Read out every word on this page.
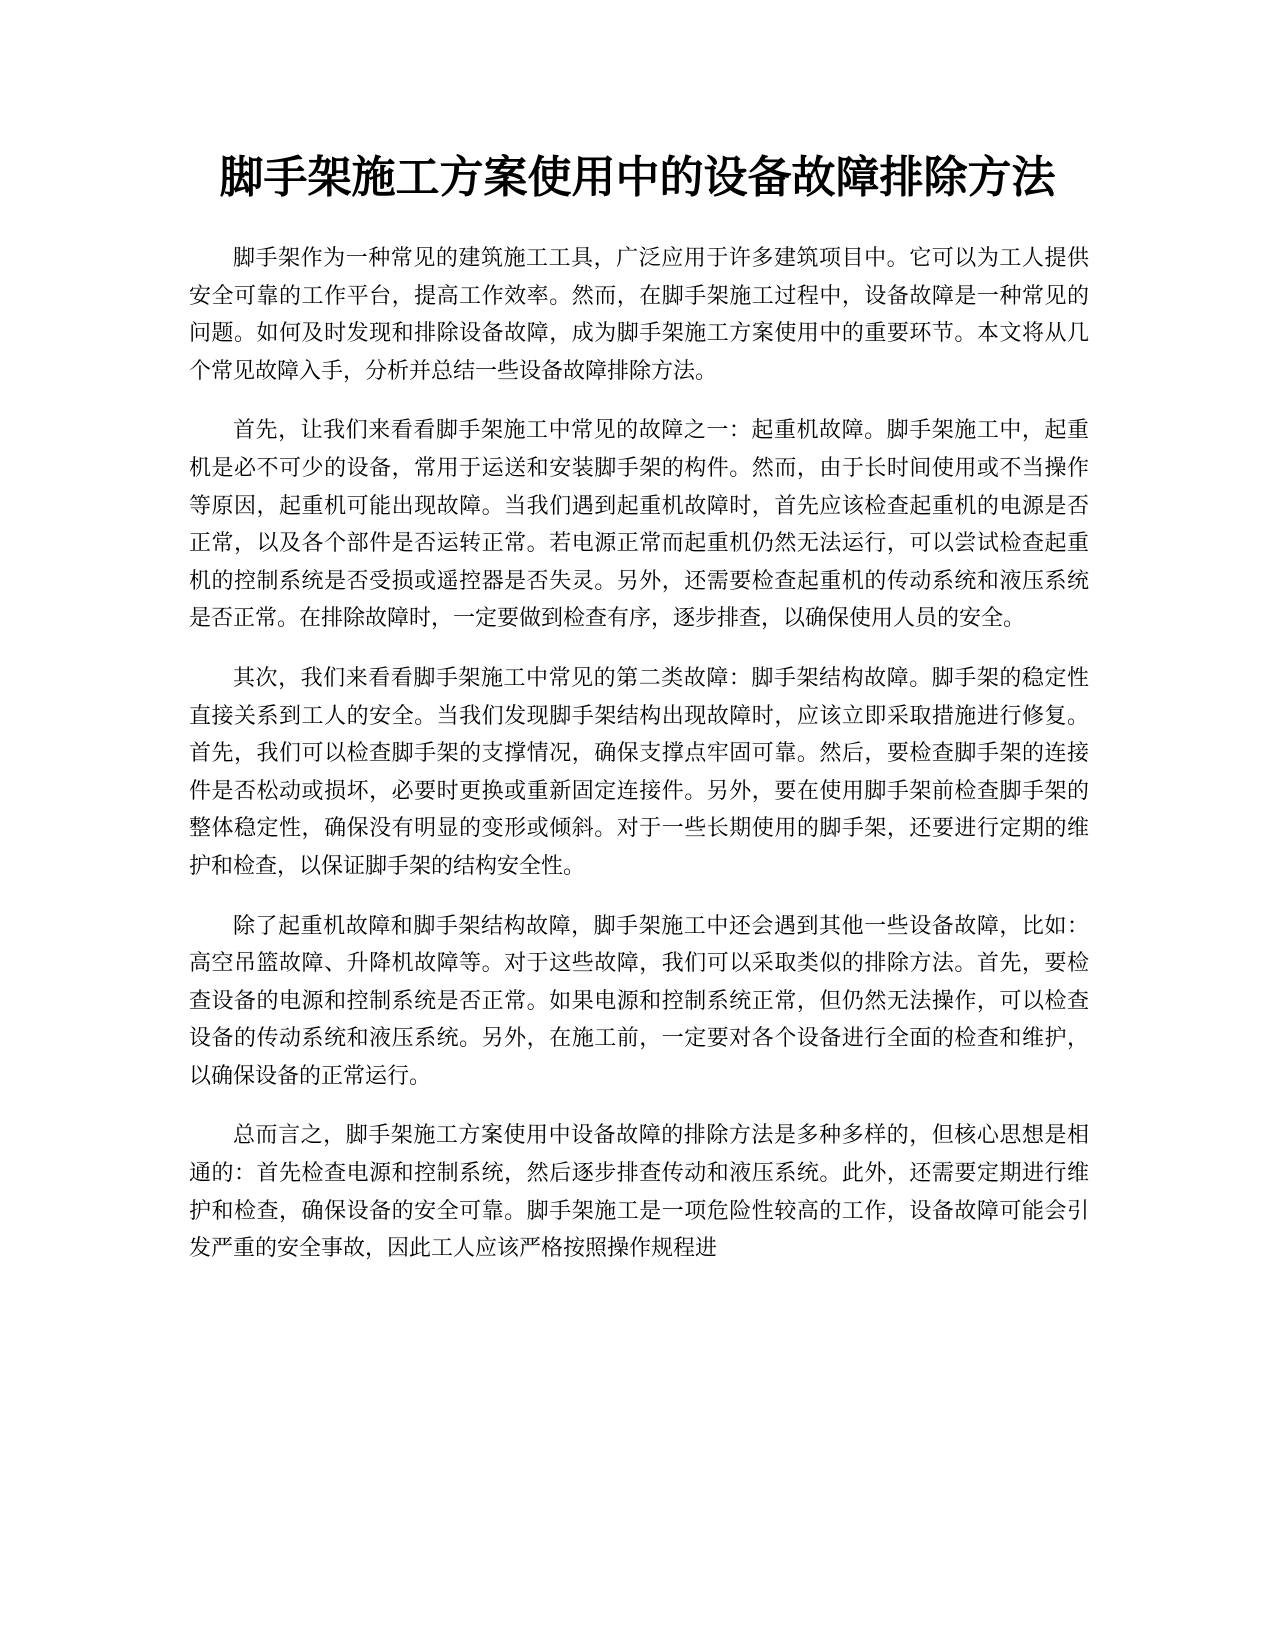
脚手架施工方案使用中的设备故障排除方法

脚手架作为一种常见的建筑施工工具，广泛应用于许多建筑项目中。它可以为工人提供安全可靠的工作平台，提高工作效率。然而，在脚手架施工过程中，设备故障是一种常见的问题。如何及时发现和排除设备故障，成为脚手架施工方案使用中的重要环节。本文将从几个常见故障入手，分析并总结一些设备故障排除方法。

首先，让我们来看看脚手架施工中常见的故障之一：起重机故障。脚手架施工中，起重机是必不可少的设备，常用于运送和安装脚手架的构件。然而，由于长时间使用或不当操作等原因，起重机可能出现故障。当我们遇到起重机故障时，首先应该检查起重机的电源是否正常，以及各个部件是否运转正常。若电源正常而起重机仍然无法运行，可以尝试检查起重机的控制系统是否受损或遥控器是否失灵。另外，还需要检查起重机的传动系统和液压系统是否正常。在排除故障时，一定要做到检查有序，逐步排查，以确保使用人员的安全。

其次，我们来看看脚手架施工中常见的第二类故障：脚手架结构故障。脚手架的稳定性直接关系到工人的安全。当我们发现脚手架结构出现故障时，应该立即采取措施进行修复。首先，我们可以检查脚手架的支撑情况，确保支撑点牢固可靠。然后，要检查脚手架的连接件是否松动或损坏，必要时更换或重新固定连接件。另外，要在使用脚手架前检查脚手架的整体稳定性，确保没有明显的变形或倾斜。对于一些长期使用的脚手架，还要进行定期的维护和检查，以保证脚手架的结构安全性。

除了起重机故障和脚手架结构故障，脚手架施工中还会遇到其他一些设备故障，比如：高空吊篮故障、升降机故障等。对于这些故障，我们可以采取类似的排除方法。首先，要检查设备的电源和控制系统是否正常。如果电源和控制系统正常，但仍然无法操作，可以检查设备的传动系统和液压系统。另外，在施工前，一定要对各个设备进行全面的检查和维护，以确保设备的正常运行。

总而言之，脚手架施工方案使用中设备故障的排除方法是多种多样的，但核心思想是相通的：首先检查电源和控制系统，然后逐步排查传动和液压系统。此外，还需要定期进行维护和检查，确保设备的安全可靠。脚手架施工是一项危险性较高的工作，设备故障可能会引发严重的安全事故，因此工人应该严格按照操作规程进
